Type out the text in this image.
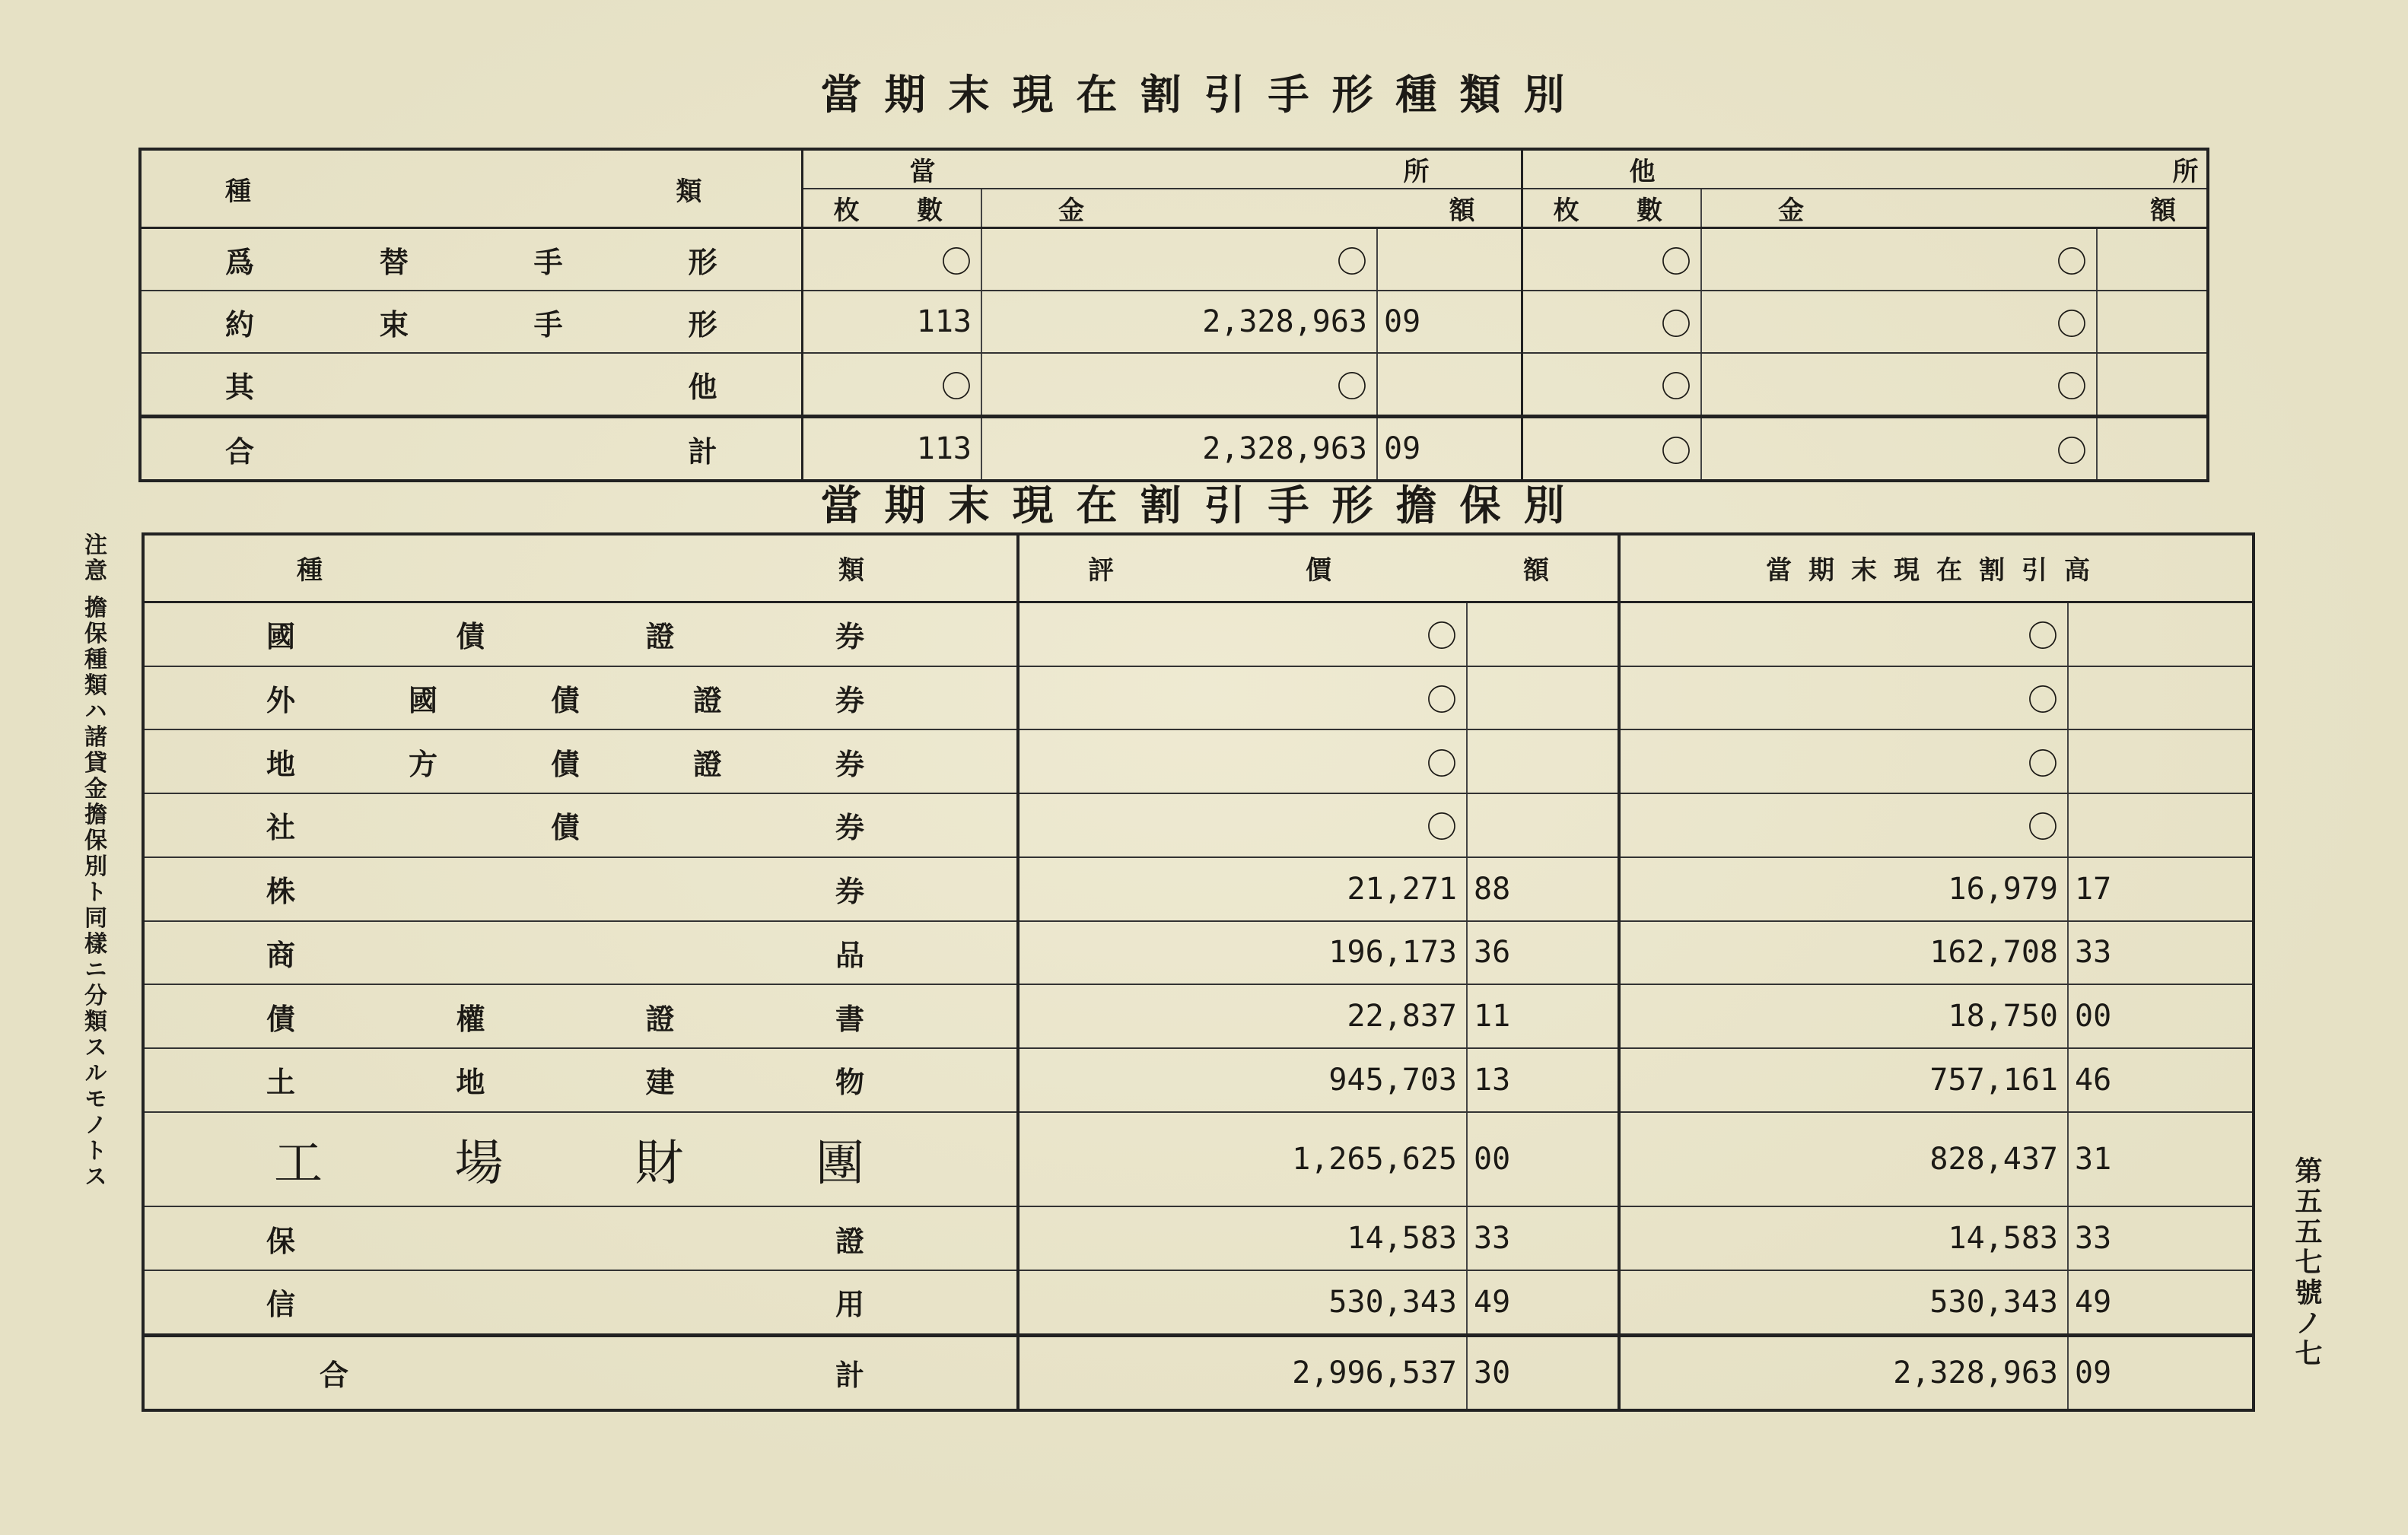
當期末現在割引手形種類別
種 類	當 所			他 所		

	枚 數	金 額		枚 數	金 額	

爲 替 手 形	〇	〇		〇	〇	

約 束 手 形	113	2,328,963	09	〇	〇	

其 他	〇	〇		〇	〇	

合 計	113	2,328,963	09	〇	〇	
當期末現在割引手形擔保別
種 類	評 價 額		當期末現在割引高	

國 債 證 券	〇		〇	

外 國 債 證 券	〇		〇	

地 方 債 證 券	〇		〇	

社 債 券	〇		〇	

株 券	21,271	88	16,979	17

商 品	196,173	36	162,708	33

債 權 證 書	22,837	11	18,750	00

土 地 建 物	945,703	13	757,161	46

工 場 財 團	1,265,625	00	828,437	31

保 證	14,583	33	14,583	33

信 用	530,343	49	530,343	49

合 計	2,996,537	30	2,328,963	09
注意 擔保種類ハ諸貸金擔保別ト同樣ニ分類スルモノトス
第五五七號ノ七
